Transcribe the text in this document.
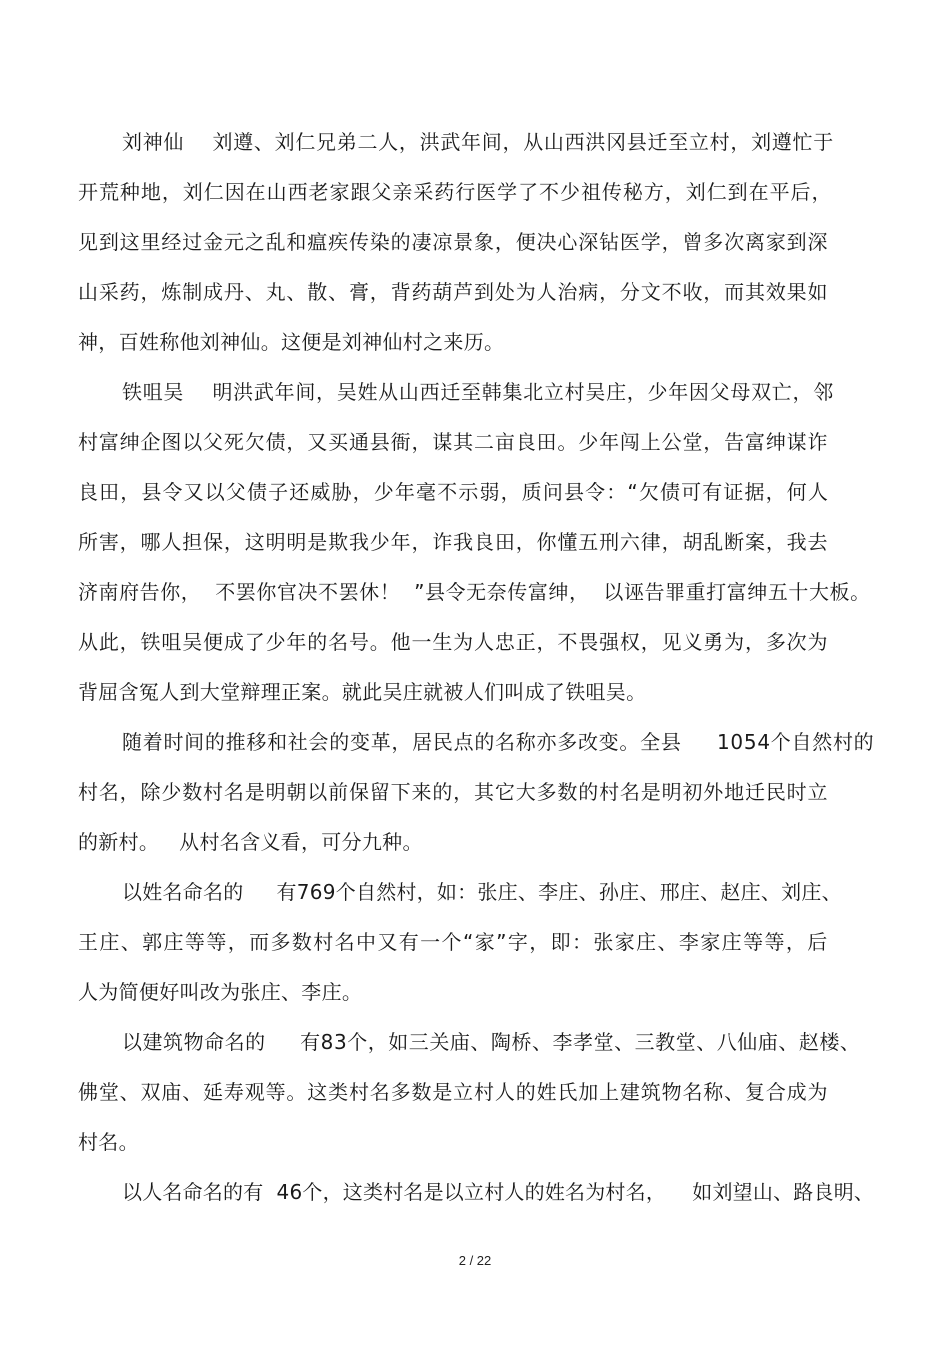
刘神仙    刘遵、刘仁兄弟二人，洪武年间，从山西洪冈县迁至立村，刘遵忙于
开荒种地，刘仁因在山西老家跟父亲采药行医学了不少祖传秘方，刘仁到在平后，
见到这里经过金元之乱和瘟疾传染的凄凉景象，便决心深钻医学，曾多次离家到深
山采药，炼制成丹、丸、散、膏，背药葫芦到处为人治病，分文不收，而其效果如
神，百姓称他刘神仙。这便是刘神仙村之来历。
铁咀吴    明洪武年间，吴姓从山西迁至韩集北立村吴庄，少年因父母双亡，邻
村富绅企图以父死欠债，又买通县衙，谋其二亩良田。少年闯上公堂，告富绅谋诈
良田，县令又以父债子还威胁，少年毫不示弱，质问县令：“欠债可有证据，何人
所害，哪人担保，这明明是欺我少年，诈我良田，你懂五刑六律，胡乱断案，我去
济南府告你，  不罢你官决不罢休！  ”县令无奈传富绅，  以诬告罪重打富绅五十大板。
从此，铁咀吴便成了少年的名号。他一生为人忠正，不畏强权，见义勇为，多次为
背屈含冤人到大堂辩理正案。就此吴庄就被人们叫成了铁咀吴。
随着时间的推移和社会的变革，居民点的名称亦多改变。全县     1054个自然村的
村名，除少数村名是明朝以前保留下来的，其它大多数的村名是明初外地迁民时立
的新村。   从村名含义看，可分九种。
以姓名命名的     有769个自然村，如：张庄、李庄、孙庄、邢庄、赵庄、刘庄、
王庄、郭庄等等，而多数村名中又有一个“家”字，即：张家庄、李家庄等等，后
人为简便好叫改为张庄、李庄。
以建筑物命名的     有83个，如三关庙、陶桥、李孝堂、三教堂、八仙庙、赵楼、
佛堂、双庙、延寿观等。这类村名多数是立村人的姓氏加上建筑物名称、复合成为
村名。
以人名命名的有  46个，这类村名是以立村人的姓名为村名，    如刘望山、路良明、
2 / 22
